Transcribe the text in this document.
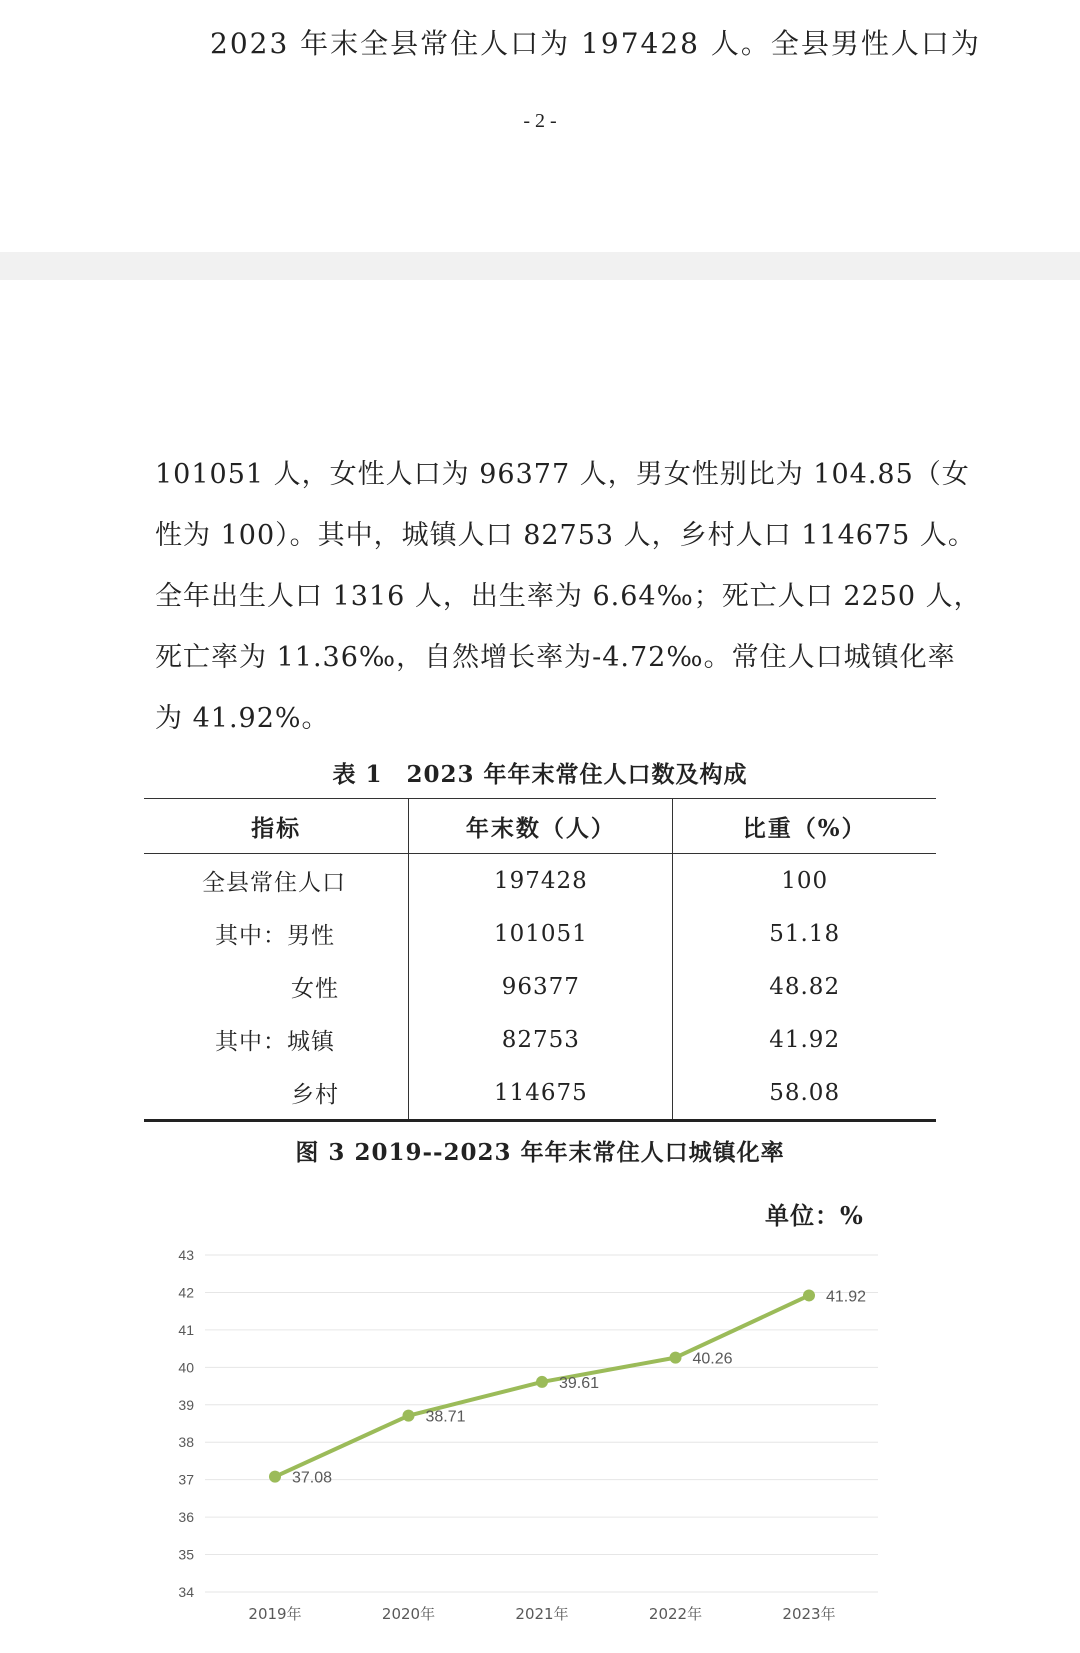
2023 年末全县常住人口为 197428 人。全县男性人口为
- 2 -
101051 人，女性人口为 96377 人，男女性别比为 104.85（女
性为 100）。其中，城镇人口 82753 人，乡村人口 114675 人。
全年出生人口 1316 人，出生率为 6.64‰；死亡人口 2250 人，
死亡率为 11.36‰，自然增长率为-4.72‰。常住人口城镇化率
为 41.92%。
表 1　2023 年年末常住人口数及构成
指标	年末数（人）	比重（%）
全县常住人口	197428	100
其中：男性	101051	51.18
女性	96377	48.82
其中：城镇	82753	41.92
乡村	114675	58.08
图 3 2019--2023 年年末常住人口城镇化率
单位：%
34
35
36
37
38
39
40
41
42
43
2019年	2020年	2021年	2022年	2023年
37.08
38.71
39.61
40.26
41.92
